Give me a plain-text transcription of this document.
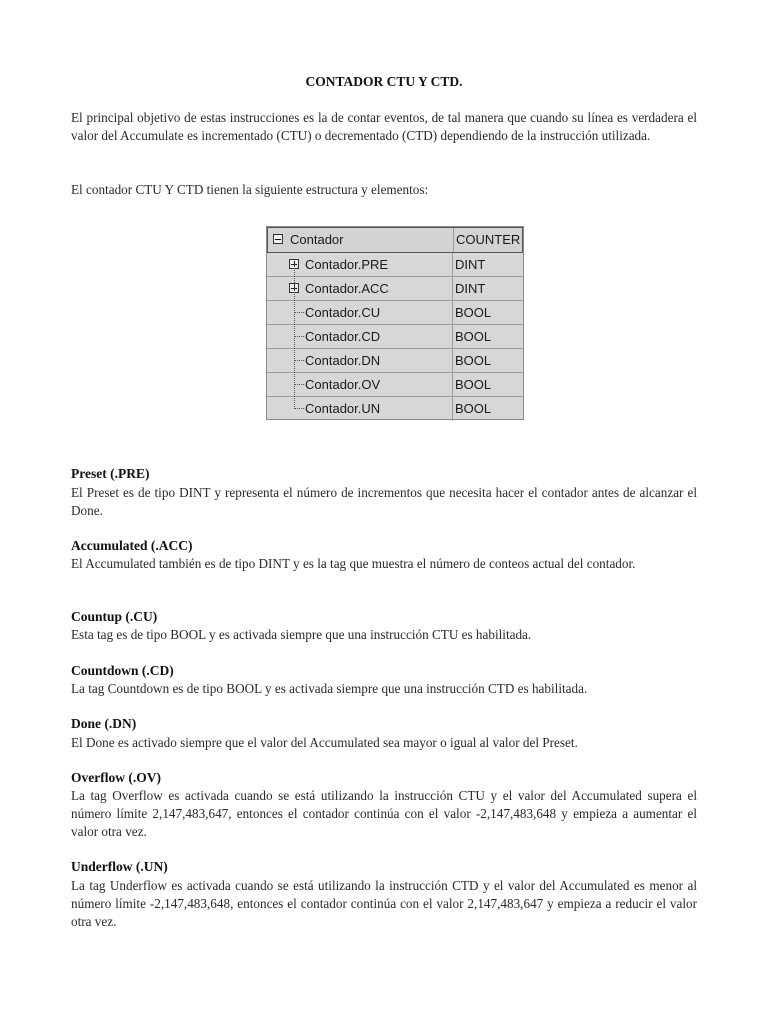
CONTADOR CTU Y CTD.
El principal objetivo de estas instrucciones es la de contar eventos, de tal manera que cuando su línea es verdadera el valor del Accumulate es incrementado (CTU) o decrementado (CTD) dependiendo de la instrucción utilizada.
El contador CTU Y CTD tienen la siguiente estructura y elementos:
Preset (.PRE)
El Preset es de tipo DINT y representa el número de incrementos que necesita hacer el contador antes de alcanzar el Done.
Accumulated (.ACC)
El Accumulated también es de tipo DINT y es la tag que muestra el número de conteos actual del contador.
Countup (.CU)
Esta tag es de tipo BOOL y es activada siempre que una instrucción CTU es habilitada.
Countdown (.CD)
La tag Countdown es de tipo BOOL y es activada siempre que una instrucción CTD es habilitada.
Done (.DN)
El Done es activado siempre que el valor del Accumulated sea mayor o igual al valor del Preset.
Overflow (.OV)
La tag Overflow es activada cuando se está utilizando la instrucción CTU y el valor del Accumulated supera el número límite 2,147,483,647, entonces el contador continúa con el valor -2,147,483,648 y empieza a aumentar el valor otra vez.
Underflow (.UN)
La tag Underflow es activada cuando se está utilizando la instrucción CTD y el valor del Accumulated es menor al número límite -2,147,483,648, entonces el contador continúa con el valor 2,147,483,647 y empieza a reducir el valor otra vez.
Contador	COUNTER
Contador.PRE	DINT
Contador.ACC	DINT
Contador.CU	BOOL
Contador.CD	BOOL
Contador.DN	BOOL
Contador.OV	BOOL
Contador.UN	BOOL
